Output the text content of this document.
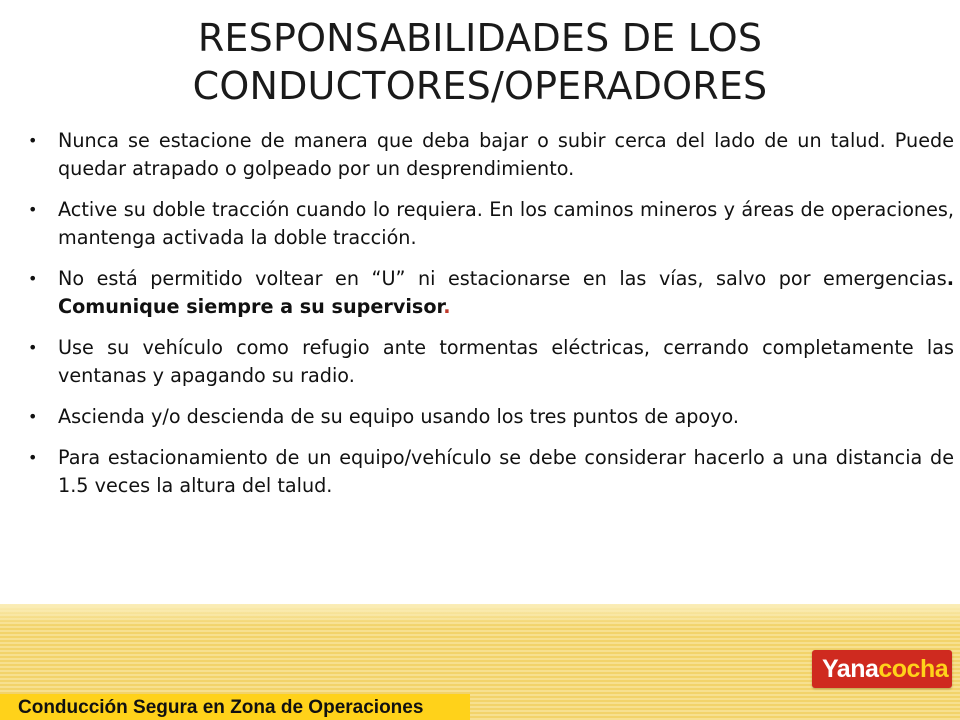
RESPONSABILIDADES DE LOS
CONDUCTORES/OPERADORES
• Nunca se estacione de manera que deba bajar o subir cerca del lado de un talud. Puede quedar atrapado o golpeado por un desprendimiento.
• Active su doble tracción cuando lo requiera. En los caminos mineros y áreas de operaciones, mantenga activada la doble tracción.
• No está permitido voltear en “U” ni estacionarse en las vías, salvo por emergencias. Comunique siempre a su supervisor.
• Use su vehículo como refugio ante tormentas eléctricas, cerrando completamente las ventanas y apagando su radio.
• Ascienda y/o descienda de su equipo usando los tres puntos de apoyo.
• Para estacionamiento de un equipo/vehículo se debe considerar hacerlo a una distancia de 1.5 veces la altura del talud.
Yanacocha
Conducción Segura en Zona de Operaciones
